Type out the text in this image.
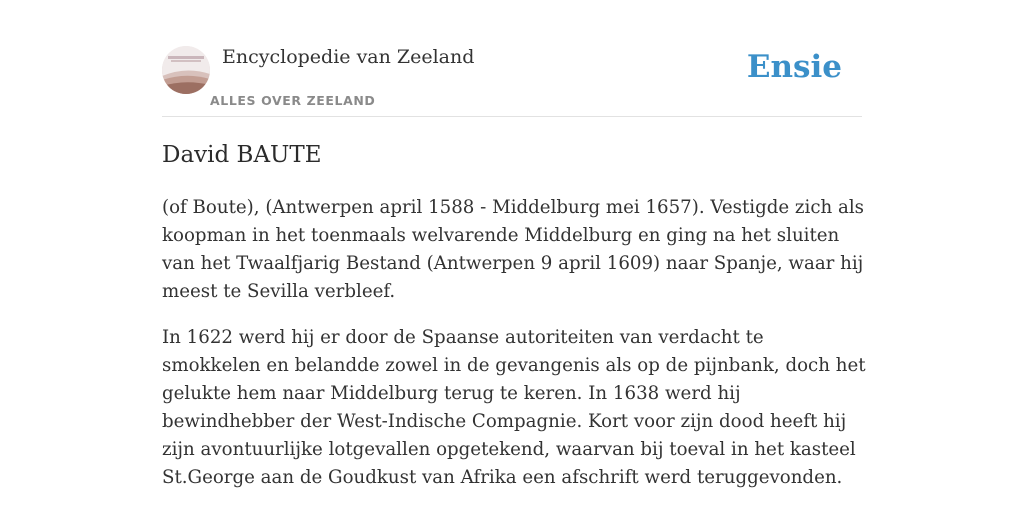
Encyclopedie van Zeeland
ALLES OVER ZEELAND
Ensie
David BAUTE

(of Boute), (Antwerpen april 1588 - Middelburg mei 1657). Vestigde zich als koopman in het toenmaals welvarende Middelburg en ging na het sluiten van het Twaalfjarig Bestand (Antwerpen 9 april 1609) naar Spanje, waar hij meest te Sevilla verbleef.

In 1622 werd hij er door de Spaanse autoriteiten van verdacht te smokkelen en belandde zowel in de gevangenis als op de pijnbank, doch het gelukte hem naar Middelburg terug te keren. In 1638 werd hij bewindhebber der West-Indische Compagnie. Kort voor zijn dood heeft hij zijn avontuurlijke lotgevallen opgetekend, waarvan bij toeval in het kasteel St.George aan de Goudkust van Afrika een afschrift werd teruggevonden.
